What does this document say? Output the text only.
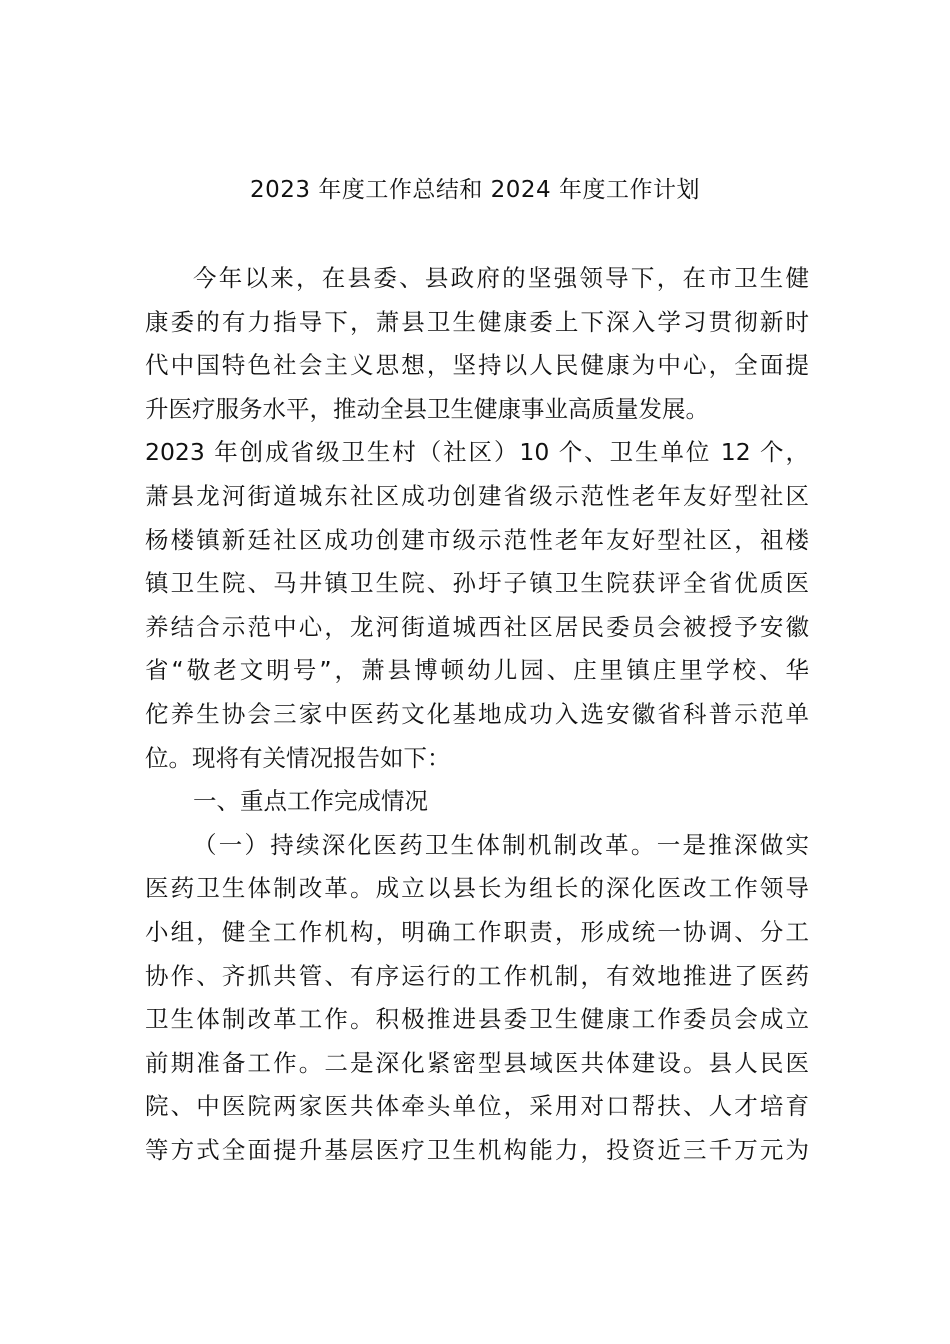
2023 年度工作总结和 2024 年度工作计划
今年以来，在县委、县政府的坚强领导下，在市卫生健
康委的有力指导下，萧县卫生健康委上下深入学习贯彻新时
代中国特色社会主义思想，坚持以人民健康为中心，全面提
升医疗服务水平，推动全县卫生健康事业高质量发展。
2023 年创成省级卫生村（社区）10 个、卫生单位 12 个，
萧县龙河街道城东社区成功创建省级示范性老年友好型社区
杨楼镇新廷社区成功创建市级示范性老年友好型社区，祖楼
镇卫生院、马井镇卫生院、孙圩子镇卫生院获评全省优质医
养结合示范中心，龙河街道城西社区居民委员会被授予安徽
省“敬老文明号”，萧县博顿幼儿园、庄里镇庄里学校、华
佗养生协会三家中医药文化基地成功入选安徽省科普示范单
位。现将有关情况报告如下：
一、重点工作完成情况
（一）持续深化医药卫生体制机制改革。一是推深做实
医药卫生体制改革。成立以县长为组长的深化医改工作领导
小组，健全工作机构，明确工作职责，形成统一协调、分工
协作、齐抓共管、有序运行的工作机制，有效地推进了医药
卫生体制改革工作。积极推进县委卫生健康工作委员会成立
前期准备工作。二是深化紧密型县域医共体建设。县人民医
院、中医院两家医共体牵头单位，采用对口帮扶、人才培育
等方式全面提升基层医疗卫生机构能力，投资近三千万元为
